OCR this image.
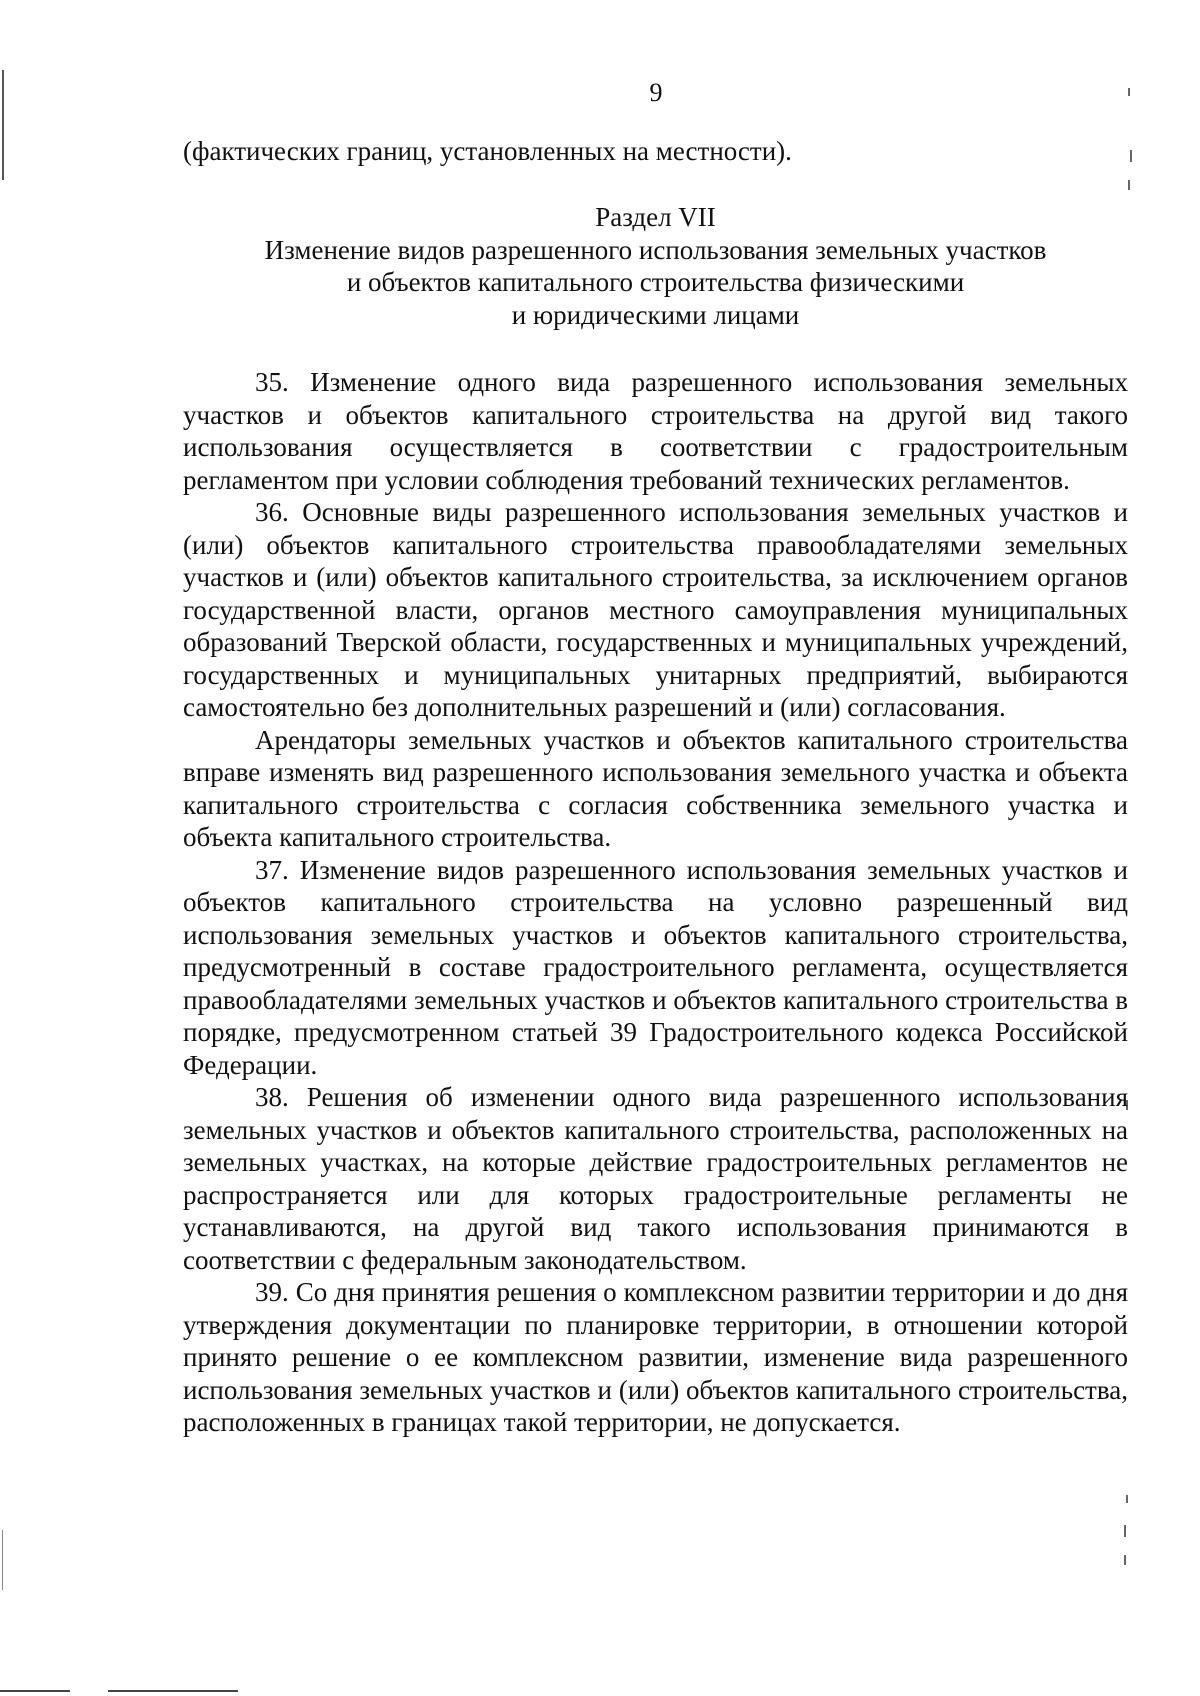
9
(фактических границ, установленных на местности).
Раздел VII
Изменение видов разрешенного использования земельных участков
и объектов капитального строительства физическими
и юридическими лицами

35. Изменение одного вида разрешенного использования земельных участков и объектов капитального строительства на другой вид такого использования осуществляется в соответствии с градостроительным регламентом при условии соблюдения требований технических регламентов.

36. Основные виды разрешенного использования земельных участков и (или) объектов капитального строительства правообладателями земельных участков и (или) объектов капитального строительства, за исключением органов государственной власти, органов местного самоуправления муниципальных образований Тверской области, государственных и муниципальных учреждений, государственных и муниципальных унитарных предприятий, выбираются самостоятельно без дополнительных разрешений и (или) согласования.

Арендаторы земельных участков и объектов капитального строительства вправе изменять вид разрешенного использования земельного участка и объекта капитального строительства с согласия собственника земельного участка и объекта капитального строительства.

37. Изменение видов разрешенного использования земельных участков и объектов капитального строительства на условно разрешенный вид использования земельных участков и объектов капитального строительства, предусмотренный в составе градостроительного регламента, осуществляется правообладателями земельных участков и объектов капитального строительства в порядке, предусмотренном статьей 39 Градостроительного кодекса Российской Федерации.

38. Решения об изменении одного вида разрешенного использования земельных участков и объектов капитального строительства, расположенных на земельных участках, на которые действие градостроительных регламентов не распространяется или для которых градостроительные регламенты не устанавливаются, на другой вид такого использования принимаются в соответствии с федеральным законодательством.

39. Со дня принятия решения о комплексном развитии территории и до дня утверждения документации по планировке территории, в отношении которой принято решение о ее комплексном развитии, изменение вида разрешенного использования земельных участков и (или) объектов капитального строительства, расположенных в границах такой территории, не допускается.
